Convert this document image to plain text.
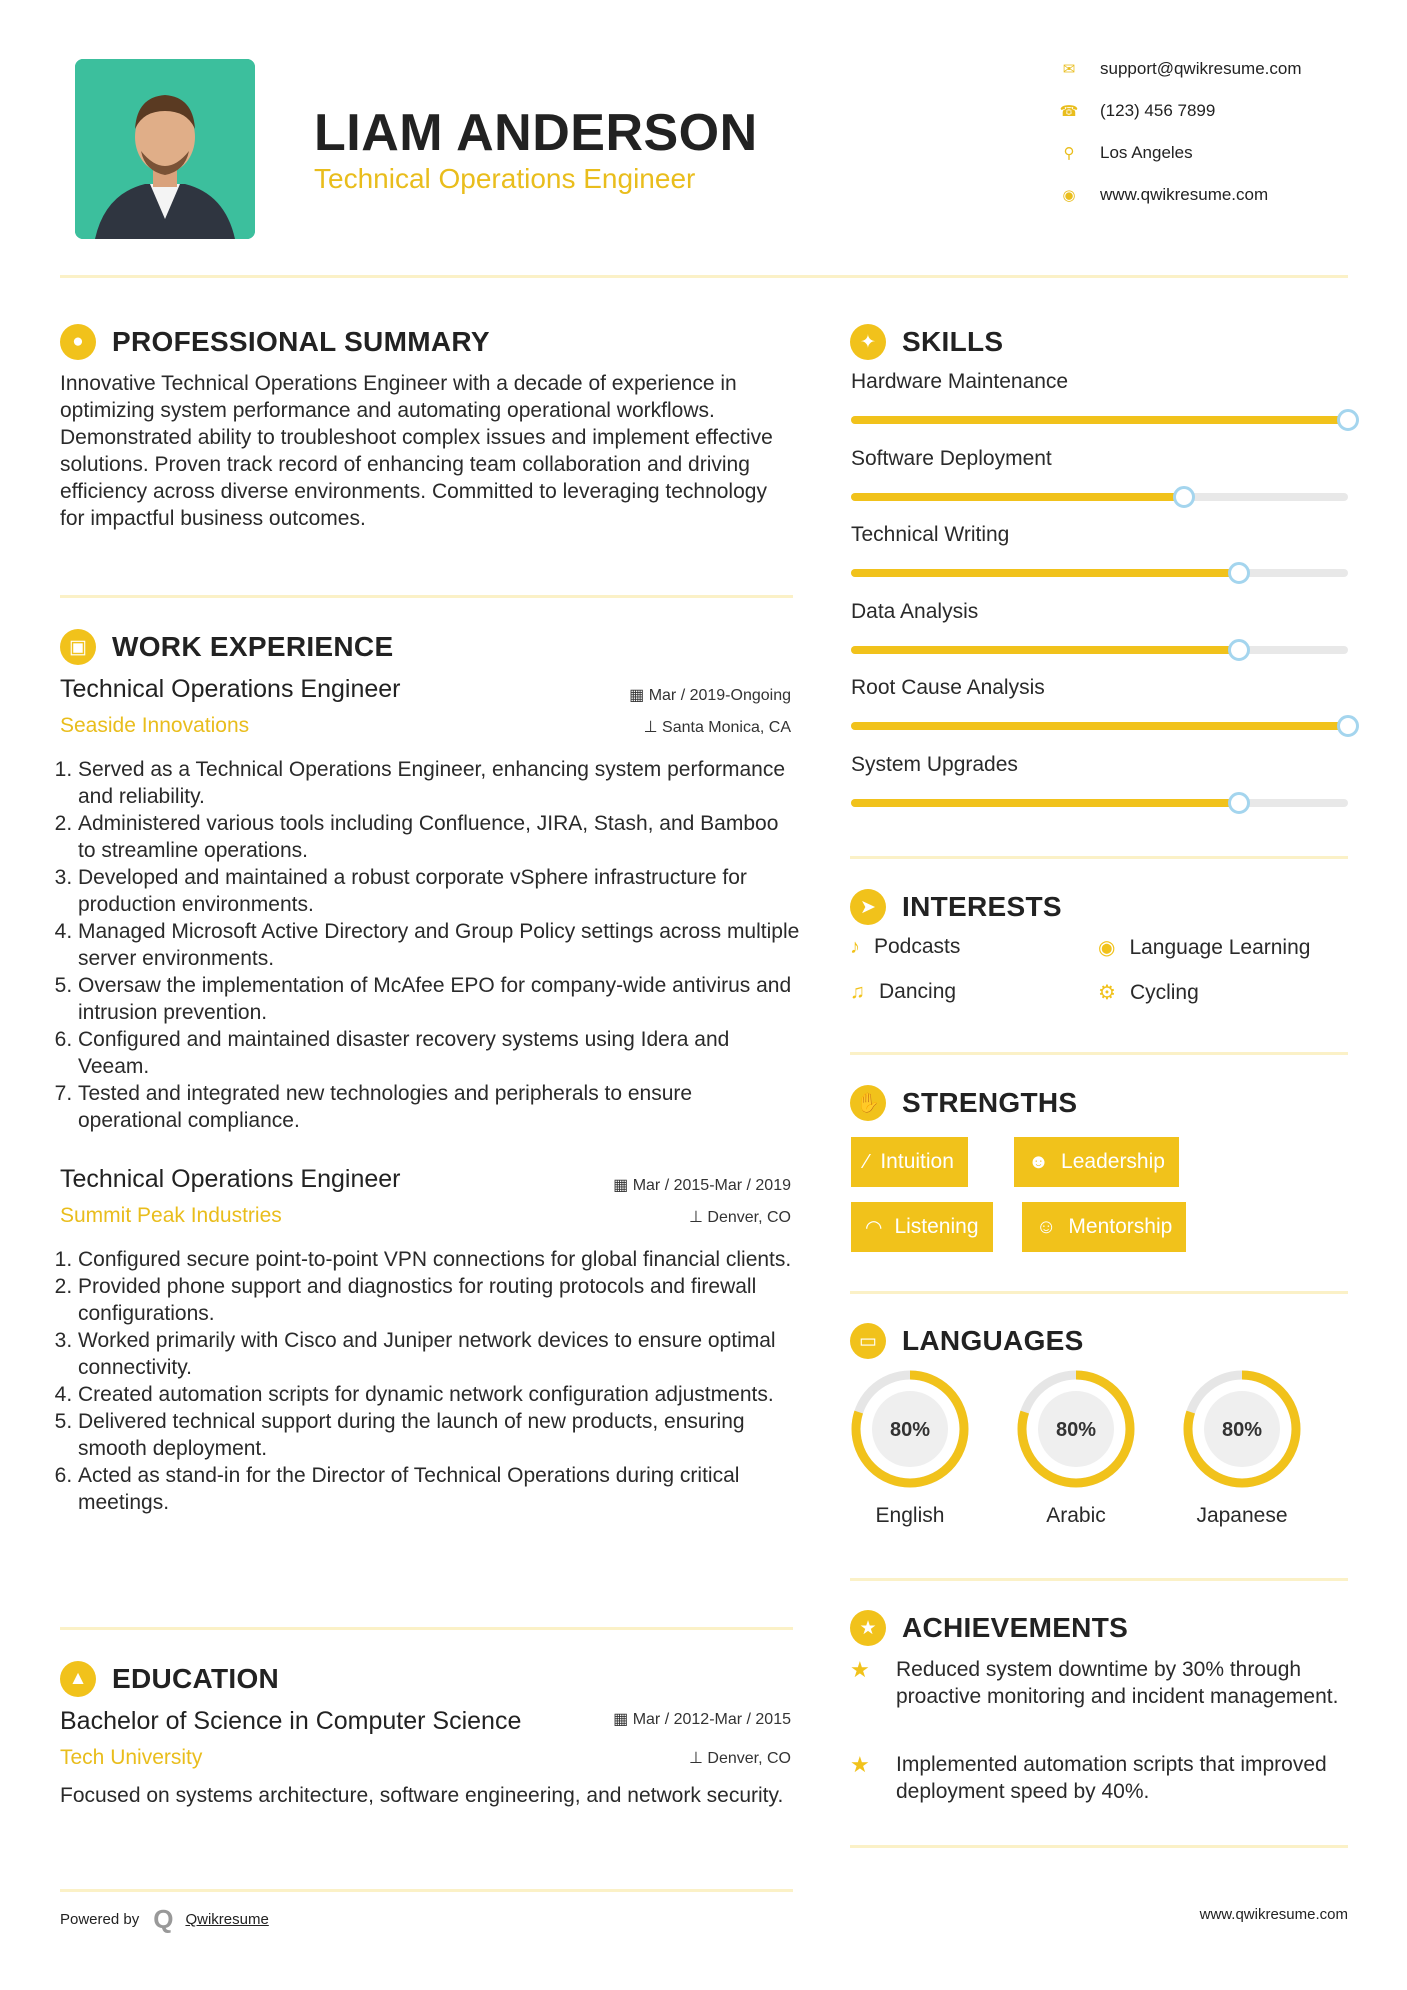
LIAM ANDERSON
Technical Operations Engineer
✉	support@qwikresume.com
☎	(123) 456 7899
⚲	Los Angeles
◉	www.qwikresume.com
●	PROFESSIONAL SUMMARY
Innovative Technical Operations Engineer with a decade of experience in optimizing system performance and automating operational workflows. Demonstrated ability to troubleshoot complex issues and implement effective solutions. Proven track record of enhancing team collaboration and driving efficiency across diverse environments. Committed to leveraging technology for impactful business outcomes.
▣ WORK EXPERIENCE
Technical Operations Engineer
Seaside Innovations
▦ Mar / 2019-Ongoing
⊥ Santa Monica, CA
1. Served as a Technical Operations Engineer, enhancing system performance and reliability.
2. Administered various tools including Confluence, JIRA, Stash, and Bamboo to streamline operations.
3. Developed and maintained a robust corporate vSphere infrastructure for production environments.
4. Managed Microsoft Active Directory and Group Policy settings across multiple server environments.
5. Oversaw the implementation of McAfee EPO for company-wide antivirus and intrusion prevention.
6. Configured and maintained disaster recovery systems using Idera and Veeam.
7. Tested and integrated new technologies and peripherals to ensure operational compliance.
Technical Operations Engineer
Summit Peak Industries
▦ Mar / 2015-Mar / 2019
⊥ Denver, CO
1. Configured secure point-to-point VPN connections for global financial clients.
2. Provided phone support and diagnostics for routing protocols and firewall configurations.
3. Worked primarily with Cisco and Juniper network devices to ensure optimal connectivity.
4. Created automation scripts for dynamic network configuration adjustments.
5. Delivered technical support during the launch of new products, ensuring smooth deployment.
6. Acted as stand-in for the Director of Technical Operations during critical meetings.
▲ EDUCATION
Bachelor of Science in Computer Science
Tech University
▦ Mar / 2012-Mar / 2015
⊥ Denver, CO
Focused on systems architecture, software engineering, and network security.
✦ SKILLS
Hardware Maintenance
Software Deployment
Technical Writing
Data Analysis
Root Cause Analysis
System Upgrades
➤ INTERESTS
♪ Podcasts	◉ Language Learning
♫ Dancing	⚙ Cycling
✋ STRENGTHS
⁄ Intuition	☻ Leadership
◠ Listening	☺ Mentorship
▭ LANGUAGES
80%
English
80%
Arabic
80%
Japanese
★ ACHIEVEMENTS
★	Reduced system downtime by 30% through proactive monitoring and incident management.
★	Implemented automation scripts that improved deployment speed by 40%.
Powered by Q Qwikresume	www.qwikresume.com
